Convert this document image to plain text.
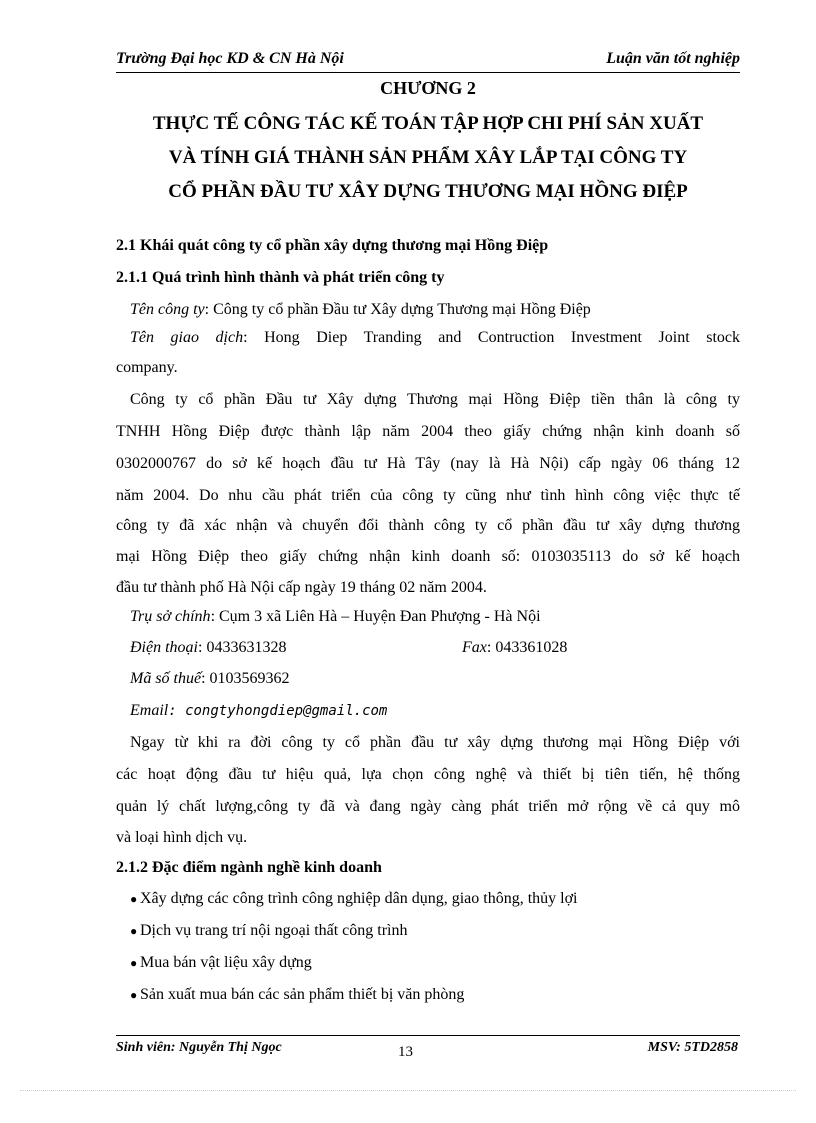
Trường Đại học KD & CN Hà Nội	Luận văn tốt nghiệp
CHƯƠNG 2
THỰC TẾ CÔNG TÁC KẾ TOÁN TẬP HỢP CHI PHÍ SẢN XUẤT
VÀ TÍNH GIÁ THÀNH SẢN PHẨM XÂY LẮP TẠI CÔNG TY
CỔ PHẦN ĐẦU TƯ XÂY DỰNG THƯƠNG MẠI HỒNG ĐIỆP
2.1 Khái quát công ty cổ phần xây dựng thương mại Hồng Điệp
2.1.1 Quá trình hình thành và phát triển công ty
Tên công ty: Công ty cổ phần Đầu tư Xây dựng Thương mại Hồng Điệp
Tên giao dịch: Hong Diep Tranding and Contruction Investment Joint stock
company.
Công ty cổ phần Đầu tư Xây dựng Thương mại Hồng Điệp tiền thân là công ty
TNHH Hồng Điệp được thành lập năm 2004 theo giấy chứng nhận kinh doanh số
0302000767 do sở kế hoạch đầu tư Hà Tây (nay là Hà Nội) cấp ngày 06 tháng 12
năm 2004. Do nhu cầu phát triển của công ty cũng như tình hình công việc thực tế
công ty đã xác nhận và chuyển đổi thành công ty cổ phần đầu tư xây dựng thương
mại Hồng Điệp theo giấy chứng nhận kinh doanh số: 0103035113 do sở kế hoạch
đầu tư thành phố Hà Nội cấp ngày 19 tháng 02 năm 2004.
Trụ sở chính: Cụm 3 xã Liên Hà – Huyện Đan Phượng - Hà Nội
Điện thoại: 0433631328	Fax: 043361028
Mã số thuế: 0103569362
Email: congtyhongdiep@gmail.com
Ngay từ khi ra đời công ty cổ phần đầu tư xây dựng thương mại Hồng Điệp với
các hoạt động đầu tư hiệu quả, lựa chọn công nghệ và thiết bị tiên tiến, hệ thống
quản lý chất lượng,công ty đã và đang ngày càng phát triển mở rộng về cả quy mô
và loại hình dịch vụ.
2.1.2 Đặc điểm ngành nghề kinh doanh
● Xây dựng các công trình công nghiệp dân dụng, giao thông, thủy lợi
● Dịch vụ trang trí nội ngoại thất công trình
● Mua bán vật liệu xây dựng
● Sản xuất mua bán các sản phẩm thiết bị văn phòng
Sinh viên: Nguyễn Thị Ngọc	13	MSV: 5TD2858
